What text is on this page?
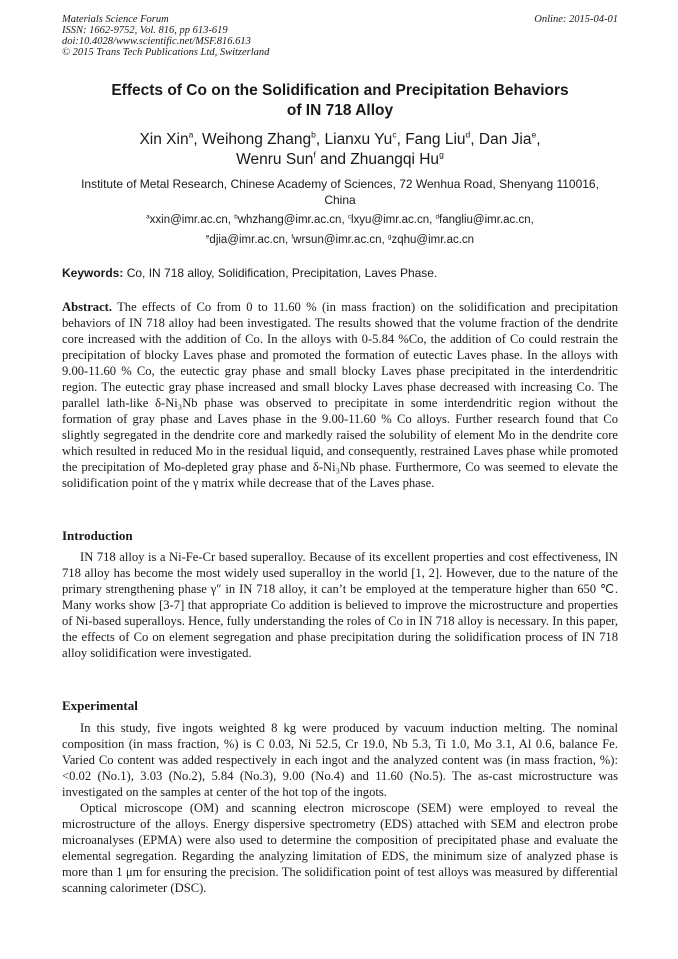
Materials Science Forum
ISSN: 1662-9752, Vol. 816, pp 613-619
doi:10.4028/www.scientific.net/MSF.816.613
© 2015 Trans Tech Publications Ltd, Switzerland
Online: 2015-04-01
Effects of Co on the Solidification and Precipitation Behaviors
of IN 718 Alloy
Xin Xin$^a$, Weihong Zhang$^b$, Lianxu Yu$^c$, Fang Liu$^d$, Dan Jia$^e$,
Wenru Sun$^f$ and Zhuangqi Hu$^g$
Institute of Metal Research, Chinese Academy of Sciences, 72 Wenhua Road, Shenyang 110016,
China
$^a$xxin@imr.ac.cn, $^b$whzhang@imr.ac.cn, $^c$lxyu@imr.ac.cn, $^d$fangliu@imr.ac.cn,
$^e$djia@imr.ac.cn, $^f$wrsun@imr.ac.cn, $^g$zqhu@imr.ac.cn
Keywords: Co, IN 718 alloy, Solidification, Precipitation, Laves Phase.
Abstract. The effects of Co from 0 to 11.60 % (in mass fraction) on the solidification and precipitation behaviors of IN 718 alloy had been investigated. The results showed that the volume fraction of the dendrite core increased with the addition of Co. In the alloys with 0-5.84 %Co, the addition of Co could restrain the precipitation of blocky Laves phase and promoted the formation of eutectic Laves phase. In the alloys with 9.00-11.60 % Co, the eutectic gray phase and small blocky Laves phase precipitated in the interdendritic region. The eutectic gray phase increased and small blocky Laves phase decreased with increasing Co. The parallel lath-like δ-Ni₃Nb phase was observed to precipitate in some interdendritic region without the formation of gray phase and Laves phase in the 9.00-11.60 % Co alloys. Further research found that Co slightly segregated in the dendrite core and markedly raised the solubility of element Mo in the dendrite core which resulted in reduced Mo in the residual liquid, and consequently, restrained Laves phase while promoted the precipitation of Mo-depleted gray phase and δ-Ni₃Nb phase. Furthermore, Co was seemed to elevate the solidification point of the γ matrix while decrease that of the Laves phase.
Introduction
IN 718 alloy is a Ni-Fe-Cr based superalloy. Because of its excellent properties and cost effectiveness, IN 718 alloy has become the most widely used superalloy in the world [1, 2]. However, due to the nature of the primary strengthening phase γ″ in IN 718 alloy, it can’t be employed at the temperature higher than 650 ℃. Many works show [3-7] that appropriate Co addition is believed to improve the microstructure and properties of Ni-based superalloys. Hence, fully understanding the roles of Co in IN 718 alloy is necessary. In this paper, the effects of Co on element segregation and phase precipitation during the solidification process of IN 718 alloy solidification were investigated.
Experimental
In this study, five ingots weighted 8 kg were produced by vacuum induction melting. The nominal composition (in mass fraction, %) is C 0.03, Ni 52.5, Cr 19.0, Nb 5.3, Ti 1.0, Mo 3.1, Al 0.6, balance Fe. Varied Co content was added respectively in each ingot and the analyzed content was (in mass fraction, %): <0.02 (No.1), 3.03 (No.2), 5.84 (No.3), 9.00 (No.4) and 11.60 (No.5). The as-cast microstructure was investigated on the samples at center of the hot top of the ingots.
Optical microscope (OM) and scanning electron microscope (SEM) were employed to reveal the microstructure of the alloys. Energy dispersive spectrometry (EDS) attached with SEM and electron probe microanalyses (EPMA) were also used to determine the composition of precipitated phase and evaluate the elemental segregation. Regarding the analyzing limitation of EDS, the minimum size of analyzed phase is more than 1 μm for ensuring the precision. The solidification point of test alloys was measured by differential scanning calorimeter (DSC).
